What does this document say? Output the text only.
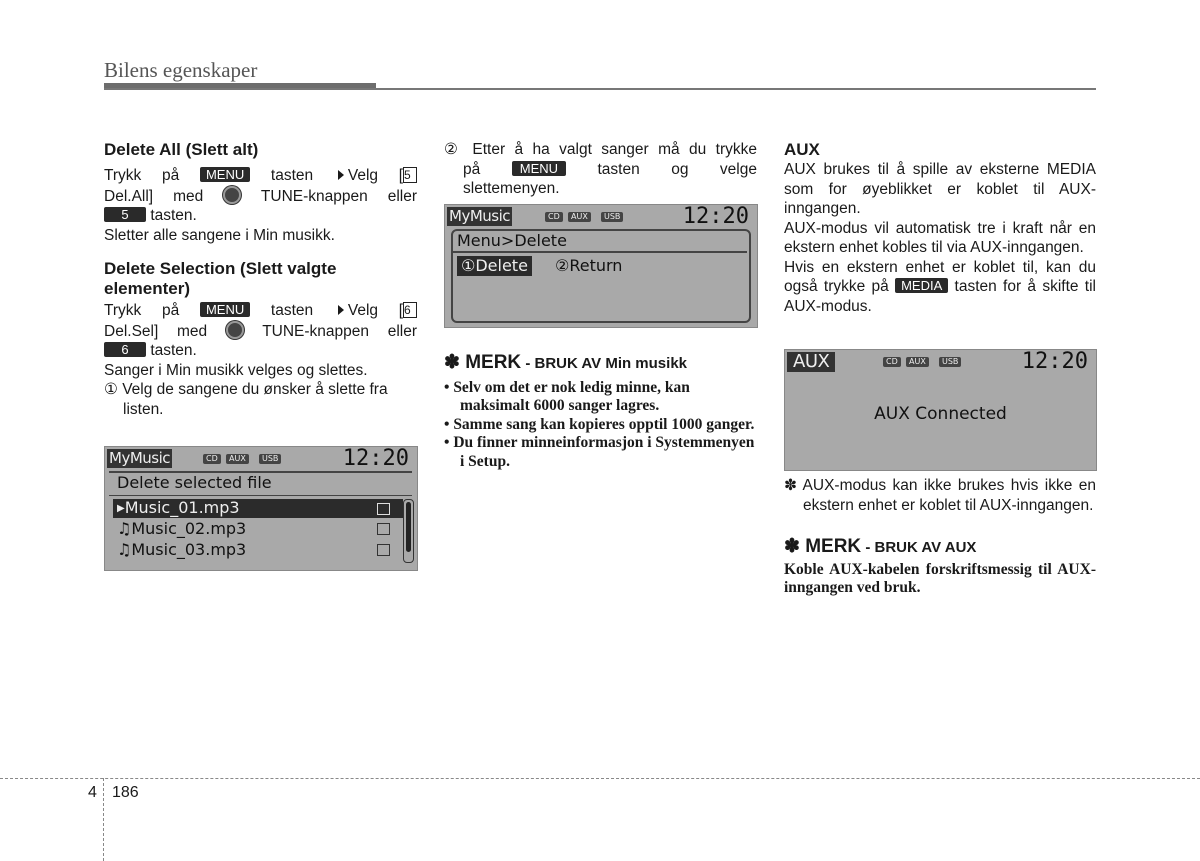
Bilens egenskaper
4 186

Delete All (Slett alt)

Trykk på MENU tasten Velg [5

Del.All] med	TUNE-knappen eller

5 tasten.

Sletter alle sangene i Min musikk.

Delete Selection (Slett valgte elementer)

Trykk på MENU tasten Velg [6

Del.Sel] med	TUNE-knappen eller

6 tasten.

Sanger i Min musikk velges og slettes.

① Velg de sangene du ønsker å slette fra listen.

MyMusic	CD	AUX	USB	12:20
Delete selected file
▶Music_01.mp3
♫Music_02.mp3
♫Music_03.mp3

② Etter å ha valgt sanger må du trykke

på	MENU	tasten og velge

slettemenyen.

MyMusic	CD	AUX	USB	12:20
Menu>Delete
①Delete ②Return

✽ MERK - BRUK AV Min musikk

• Selv om det er nok ledig minne, kan maksimalt 6000 sanger lagres.

• Samme sang kan kopieres opptil 1000 ganger.

• Du finner minneinformasjon i Systemmenyen i Setup.

AUX

AUX brukes til å spille av eksterne MEDIA som for øyeblikket er koblet til AUX-inngangen.

AUX-modus vil automatisk tre i kraft når en ekstern enhet kobles til via AUX-inngangen.

Hvis en ekstern enhet er koblet til, kan du også trykke på MEDIA tasten for å skifte til AUX-modus.

AUX	CD	AUX	USB	12:20
AUX Connected

✽ AUX-modus kan ikke brukes hvis ikke en ekstern enhet er koblet til AUX-inngangen.

✽ MERK - BRUK AV AUX

Koble AUX-kabelen forskriftsmessig til AUX-inngangen ved bruk.
